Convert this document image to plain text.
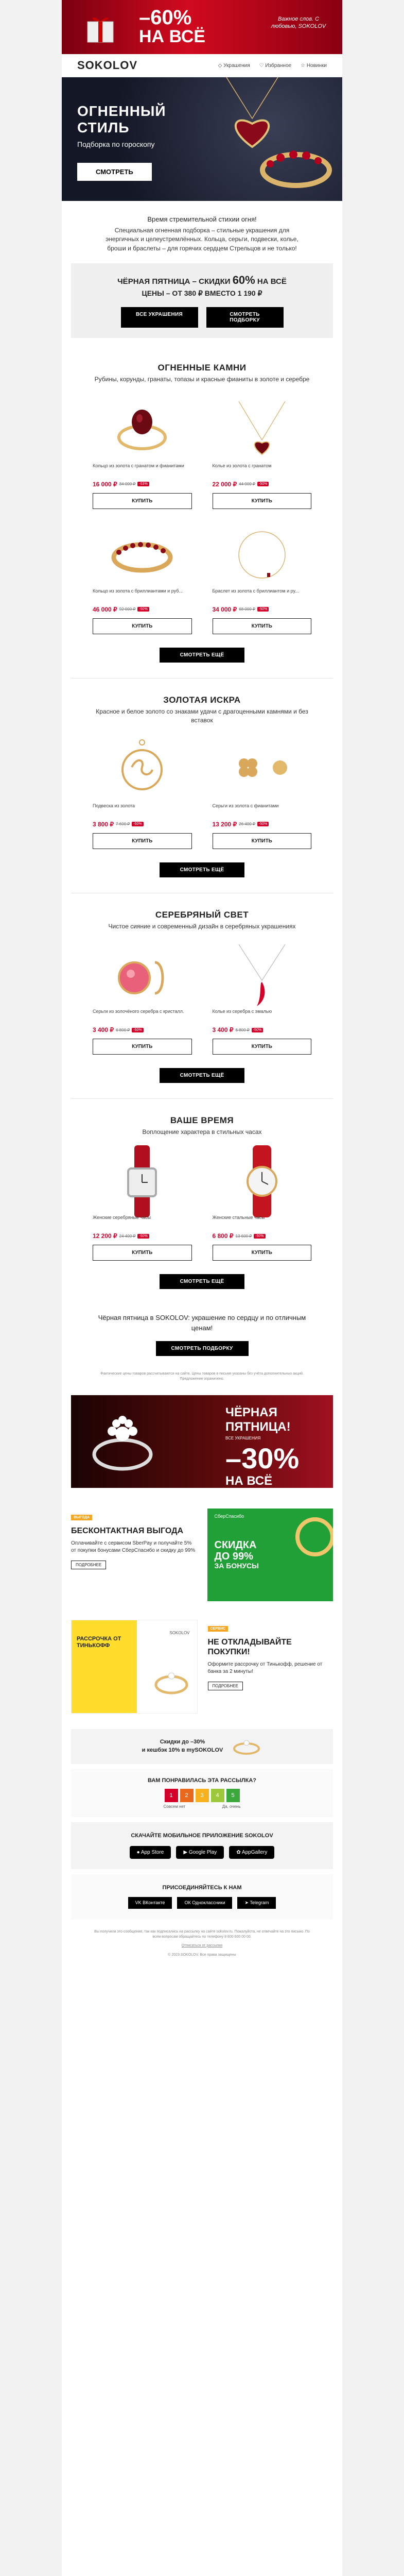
–60%
НА ВСЁ
Важное слов. С любовью, SOKOLOV
SOKOLOV	◇ Украшения ♡ Избранное ☆ Новинки
ОГНЕННЫЙ
СТИЛЬ
Подборка по гороскопу
СМОТРЕТЬ
Время стремительной стихии огня!
Специальная огненная подборка – стильные украшения для энергичных и целеустремлённых. Кольца, серьги, подвески, колье, броши и браслеты – для горячих сердцем Стрельцов и не только!
ЧЁРНАЯ ПЯТНИЦА – СКИДКИ 60% НА ВСЁ
ЦЕНЫ – ОТ 380 ₽ ВМЕСТО 1 190 ₽
ВСЕ УКРАШЕНИЯ	СМОТРЕТЬ ПОДБОРКУ
ОГНЕННЫЕ КАМНИ
Рубины, корунды, гранаты, топазы и красные фианиты в золоте и серебре
Кольцо из золота с гранатом и фианитами
16 000 ₽ 34 000 ₽	-53%
КУПИТЬ
Колье из золота с гранатом
22 000 ₽ 44 000 ₽	-50%
КУПИТЬ
Кольцо из золота с бриллиантами и руб...
46 000 ₽ 92 000 ₽	-50%
КУПИТЬ
Браслет из золота с бриллиантом и ру...
34 000 ₽ 68 000 ₽	-50%
КУПИТЬ
СМОТРЕТЬ ЕЩЁ
ЗОЛОТАЯ ИСКРА
Красное и белое золото со знаками удачи с драгоценными камнями и без вставок
Подвеска из золота
3 800 ₽ 7 600 ₽	-50%
КУПИТЬ
Серьги из золота с фианитами
13 200 ₽ 26 400 ₽	-50%
КУПИТЬ
СМОТРЕТЬ ЕЩЁ
СЕРЕБРЯНЫЙ СВЕТ
Чистое сияние и современный дизайн в серебряных украшениях
Серьги из золочёного серебра с кристалл.
3 400 ₽ 6 800 ₽	-50%
КУПИТЬ
Колье из серебра с эмалью
3 400 ₽ 6 800 ₽	-50%
КУПИТЬ
СМОТРЕТЬ ЕЩЁ
ВАШЕ ВРЕМЯ
Воплощение характера в стильных часах
Женские серебряные часы
12 200 ₽ 24 400 ₽	-50%
КУПИТЬ
Женские стальные часы
6 800 ₽ 13 600 ₽	-50%
КУПИТЬ
СМОТРЕТЬ ЕЩЁ
Чёрная пятница в SOKOLOV: украшение по сердцу и по отличным ценам!
СМОТРЕТЬ ПОДБОРКУ
Фактические цены товаров рассчитываются на сайте. Цены товаров в письме указаны без учёта дополнительных акций. Предложение ограничено.
ЧЁРНАЯ ПЯТНИЦА!
ВСЕ УКРАШЕНИЯ
–30%
НА ВСЁ
ВЫГОДА
БЕСКОНТАКТНАЯ ВЫГОДА
Оплачивайте с сервисом SberPay и получайте 5% от покупки бонусами СберСпасибо и скидку до 99%
ПОДРОБНЕЕ
СберСпасибо
СКИДКА
ДО 99%
ЗА БОНУСЫ
РАССРОЧКА ОТ ТИНЬКОФФ
SOKOLOV
СЕРВИС
НЕ ОТКЛАДЫВАЙТЕ ПОКУПКИ!
Оформите рассрочку от Тинькофф, решение от банка за 2 минуты!
ПОДРОБНЕЕ
Скидки до –30%
и кешбэк 10% в mySOKOLOV
ВАМ ПОНРАВИЛАСЬ ЭТА РАССЫЛКА?
1	2	3	4	5
Совсем нет	Да, очень
СКАЧАЙТЕ МОБИЛЬНОЕ ПРИЛОЖЕНИЕ SOKOLOV
● App Store	▶ Google Play	✿ AppGallery
ПРИСОЕДИНЯЙТЕСЬ К НАМ
VK ВКонтакте	ОК Одноклассники	➤ Telegram
Вы получили это сообщение, так как подписались на рассылку на сайте sokolov.ru. Пожалуйста, не отвечайте на это письмо. По всем вопросам обращайтесь по телефону 8 800 600 00 00.
Отписаться от рассылки
© 2023 SOKOLOV. Все права защищены
